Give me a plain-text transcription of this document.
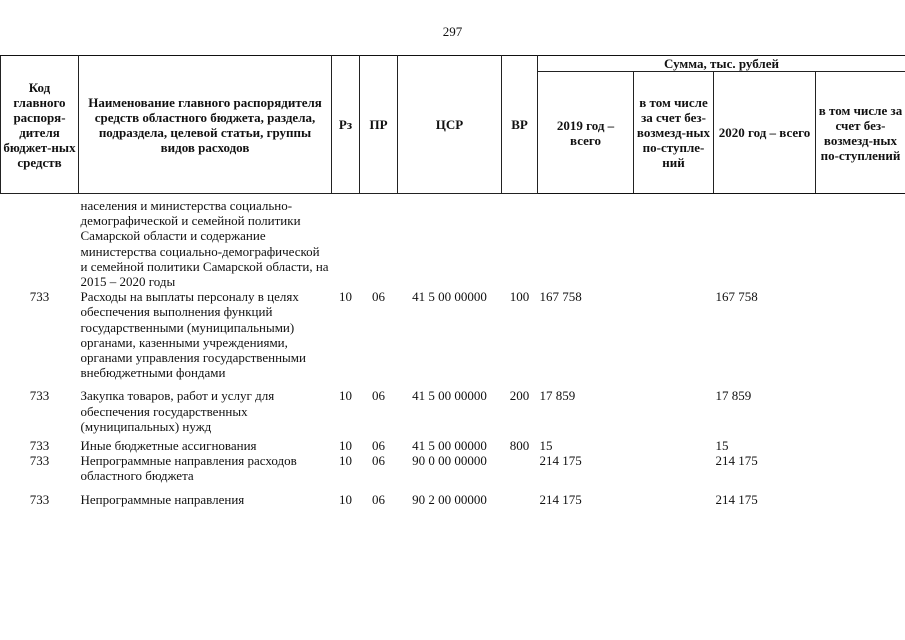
297
Код главного распоря-дителя бюджет-ных средств	Наименование главного распорядителя средств областного бюджета, раздела, подраздела, целевой статьи, группы видов расходов	Рз	ПР	ЦСР	ВР	Сумма, тыс. рублей			
						2019 год – всего	в том числе за счет без-возмезд-ных по-ступле-ний	2020 год – всего	в том числе за счет без-возмезд-ных по-ступлений
	населения и министерства социально-демографической и семейной политики Самарской области и содержание министерства социально-демографической и семейной политики Самарской области, на 2015 – 2020 годы								
733	Расходы на выплаты персоналу в целях обеспечения выполнения функций государственными (муниципальными) органами, казенными учреждениями, органами управления государственными внебюджетными фондами	10	06	41 5 00 00000	100	167 758		167 758	
733	Закупка товаров, работ и услуг для обеспечения государственных (муниципальных) нужд	10	06	41 5 00 00000	200	17 859		17 859	
733	Иные бюджетные ассигнования	10	06	41 5 00 00000	800	15		15	
733	Непрограммные направления расходов областного бюджета	10	06	90 0 00 00000		214 175		214 175	
733	Непрограммные направления	10	06	90 2 00 00000		214 175		214 175	
